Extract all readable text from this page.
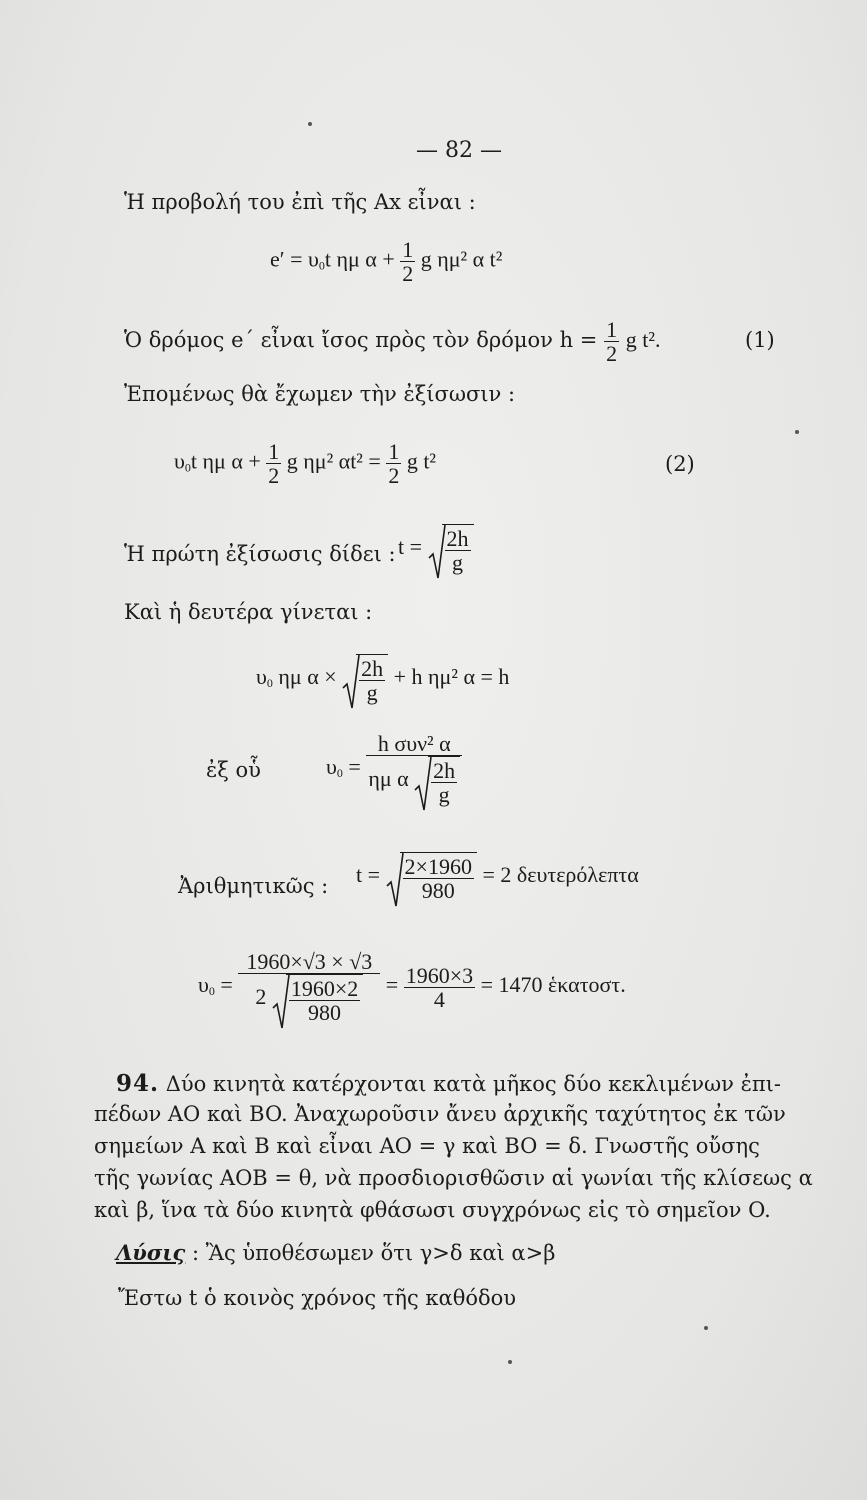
— 82 —
Ἡ προβολή του ἐπὶ τῆς Ax εἶναι :
$e' = \upsilon_0t$ ημ $\alpha + \frac{1}{2}$ g ημ² α t²
Ὁ δρόμος e΄ εἶναι ἴσος πρὸς τὸν δρόμον $h = \frac{1}{2}$ g t².	(1)
Ἐπομένως θὰ ἔχωμεν τὴν ἐξίσωσιν :
$\upsilon_0t$ ημ $\alpha + \frac{1}{2}$ g ημ² $\alpha t^2 = \frac{1}{2}$ g t²	(2)
Ἡ πρώτη ἐξίσωσις δίδει : $t = \frac{2h}{g}$
Καὶ ἡ δευτέρα γίνεται :
$\upsilon_0$ ημ $\alpha \times \frac{2h}{g} + h$ ημ² α = h
ἐξ οὗ	$\upsilon_0 = \frac{\text{h συν² α}}{\eta\mu \alpha \frac{2h}{g}}$
Ἀριθμητικῶς : $t = \frac{2\times 1960}{980} = 2$ δευτερόλεπτα
$\upsilon_0 = \frac{1960\times√3 \times √3}{2 \frac{1960\times 2}{980}} = \frac{1960\times 3}{4} = 1470$ ἑκατοστ.
94. Δύο κινητὰ κατέρχονται κατὰ μῆκος δύο κεκλιμένων ἐπι-
πέδων AO καὶ BO. Ἀναχωροῦσιν ἄνευ ἀρχικῆς ταχύτητος ἐκ τῶν
σημείων A καὶ B καὶ εἶναι AO = γ καὶ BO = δ. Γνωστῆς οὔσης
τῆς γωνίας AOB = θ, νὰ προσδιορισθῶσιν αἱ γωνίαι τῆς κλίσεως α
καὶ β, ἵνα τὰ δύο κινητὰ φθάσωσι συγχρόνως εἰς τὸ σημεῖον O.
Λύσις : Ἂς ὑποθέσωμεν ὅτι γ>δ καὶ α>β
Ἔστω t ὁ κοινὸς χρόνος τῆς καθόδου
